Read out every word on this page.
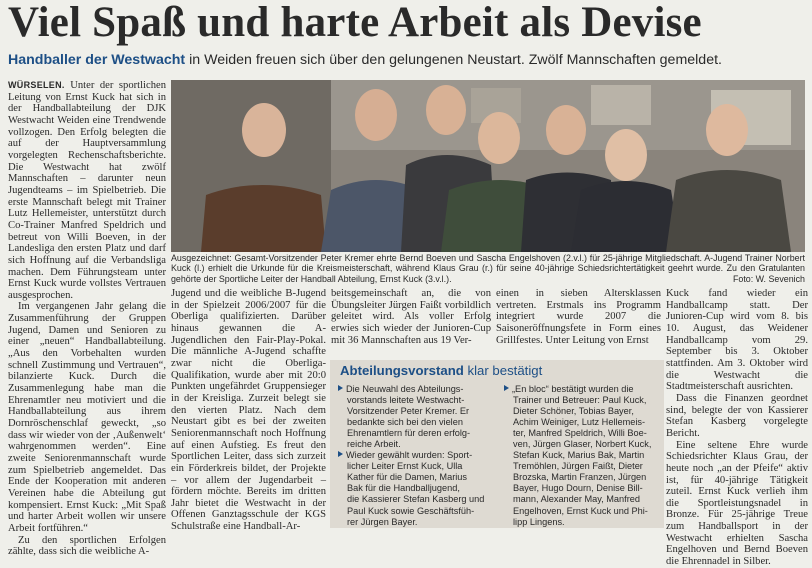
Viel Spaß und harte Arbeit als Devise
Handballer der Westwacht in Weiden freuen sich über den gelungenen Neustart. Zwölf Mannschaften gemeldet.

WÜRSELEN. Unter der sportlichen Leitung von Ernst Kuck hat sich in der Handballabteilung der DJK Westwacht Weiden eine Trendwende vollzogen. Den Erfolg belegten die auf der Hauptversammlung vorgelegten Rechenschaftsberichte. Die Westwacht hat zwölf Mannschaften – darunter neun Jugendteams – im Spielbetrieb. Die erste Mannschaft belegt mit Trainer Lutz Hellemeister, unterstützt durch Co-Trainer Manfred Speldrich und betreut von Willi Boeven, in der Landesliga den ersten Platz und darf sich Hoffnung auf die Verbandsliga machen. Dem Führungsteam unter Ernst Kuck wurde vollstes Vertrauen ausgesprochen.

Im vergangenen Jahr gelang die Zusammenführung der Gruppen Jugend, Damen und Senioren zu einer „neuen“ Handballabteilung. „Aus den Vorbehalten wurden schnell Zustimmung und Vertrauen“, bilanzierte Kuck. Durch die Zusammenlegung habe man die Ehrenamtler neu motiviert und die Handballabteilung aus ihrem Dornröschenschlaf geweckt, „so dass wir wieder von der ‚Außenwelt‘ wahrgenommen werden“. Eine zweite Seniorenmannschaft wurde zum Spielbetrieb angemeldet. Das Ende der Kooperation mit anderen Vereinen habe die Abteilung gut kompensiert. Ernst Kuck: „Mit Spaß und harter Arbeit wollen wir unsere Arbeit fortführen.“

Zu den sportlichen Erfolgen zählte, dass sich die weibliche A-

Ausgezeichnet: Gesamt-Vorsitzender Peter Kremer ehrte Bernd Boeven und Sascha Engelshoven (2.v.l.) für 25-jährige Mitgliedschaft. A-Jugend Trainer Norbert Kuck (l.) erhielt die Urkunde für die Kreismeisterschaft, während Klaus Grau (r.) für seine 40-jährige Schiedsrichtertätigkeit geehrt wurde. Zu den Gratulanten gehörte der Sportliche Leiter der Handball Abteilung, Ernst Kuck (3.v.l.).	Foto: W. Sevenich

Jugend und die weibliche B-Jugend in der Spielzeit 2006/2007 für die Oberliga qualifizierten. Darüber hinaus gewannen die A-Jugendlichen den Fair-Play-Pokal. Die männliche A-Jugend schaffte zwar nicht die Oberliga-Qualifikation, wurde aber mit 20:0 Punkten ungefährdet Gruppensieger in der Kreisliga. Zurzeit belegt sie den vierten Platz. Nach dem Neustart gibt es bei der zweiten Seniorenmannschaft noch Hoffnung auf einen Aufstieg. Es freut den Sportlichen Leiter, dass sich zurzeit ein Förderkreis bildet, der Projekte – vor allem der Jugendarbeit – fördern möchte. Bereits im dritten Jahr bietet die Westwacht in der Offenen Ganztagsschule der KGS Schulstraße eine Handball-Ar-

beitsgemeinschaft an, die von Übungsleiter Jürgen Faißt vorbildlich geleitet wird. Als voller Erfolg erwies sich wieder der Junioren-Cup mit 36 Mannschaften aus 19 Ver-

einen in sieben Altersklassen vertreten. Erstmals ins Programm integriert wurde 2007 die Saisoneröffnungsfete in Form eines Grillfestes. Unter Leitung von Ernst

Kuck fand wieder ein Handballcamp statt. Der Junioren-Cup wird vom 8. bis 10. August, das Weidener Handballcamp vom 29. September bis 3. Oktober stattfinden. Am 3. Oktober wird die Westwacht die Stadtmeisterschaft ausrichten.

Dass die Finanzen geordnet sind, belegte der von Kassierer Stefan Kasberg vorgelegte Bericht.

Eine seltene Ehre wurde Schiedsrichter Klaus Grau, der heute noch „an der Pfeife“ aktiv ist, für 40-jährige Tätigkeit zuteil. Ernst Kuck verlieh ihm die Sportleistungsnadel in Bronze. Für 25-jährige Treue zum Handballsport in der Westwacht erhielten Sascha Engelhoven und Bernd Boeven die Ehrennadel in Silber.

Abteilungsvorstand klar bestätigt
Die Neuwahl des Abteilungs-
vorstands leitete Westwacht-
Vorsitzender Peter Kremer. Er
bedankte sich bei den vielen
Ehrenamtlern für deren erfolg-
reiche Arbeit.
Wieder gewählt wurden: Sport-
licher Leiter Ernst Kuck, Ulla
Kather für die Damen, Marius
Bak für die Handballjugend,
die Kassierer Stefan Kasberg und
Paul Kuck sowie Geschäftsfüh-
rer Jürgen Bayer.
„En bloc“ bestätigt wurden die
Trainer und Betreuer: Paul Kuck,
Dieter Schöner, Tobias Bayer,
Achim Weiniger, Lutz Hellemeis-
ter, Manfred Speldrich, Willi Boe-
ven, Jürgen Glaser, Norbert Kuck,
Stefan Kuck, Marius Bak, Martin
Tremöhlen, Jürgen Faißt, Dieter
Brozska, Martin Franzen, Jürgen
Bayer, Hugo Dourn, Denise Bill-
mann, Alexander May, Manfred
Engelhoven, Ernst Kuck und Phi-
lipp Lingens.
